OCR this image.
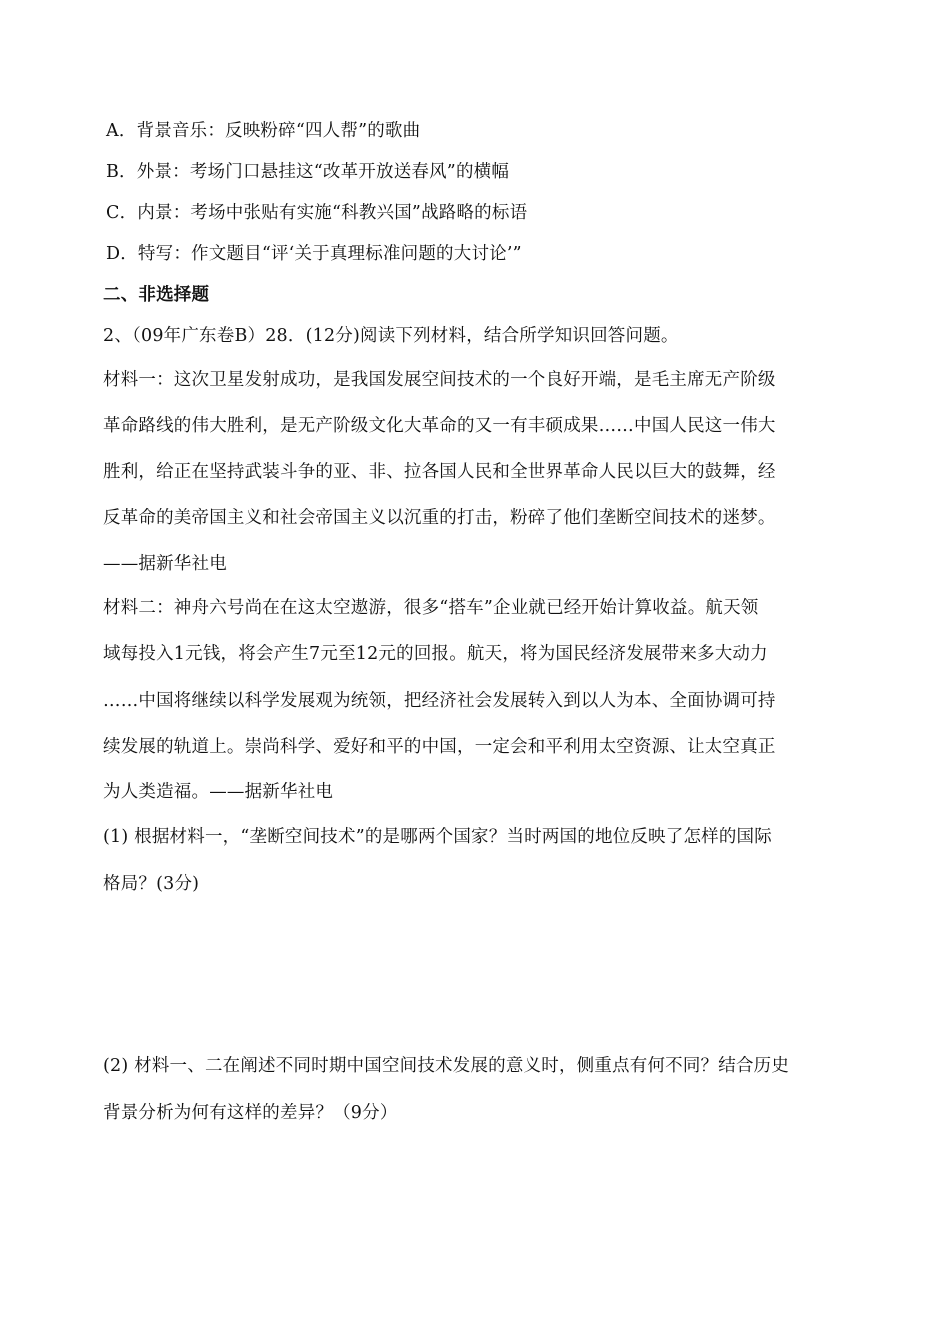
A．背景音乐：反映粉碎“四人帮”的歌曲
B．外景：考场门口悬挂这“改革开放送春风”的横幅
C．内景：考场中张贴有实施“科教兴国”战路略的标语
D．特写：作文题目“评‘关于真理标准问题的大讨论’”
二、非选择题
2、（09年广东卷B）28．(12分)阅读下列材料，结合所学知识回答问题。
材料一：这次卫星发射成功，是我国发展空间技术的一个良好开端，是毛主席无产阶级
革命路线的伟大胜利，是无产阶级文化大革命的又一有丰硕成果……中国人民这一伟大
胜利，给正在坚持武装斗争的亚、非、拉各国人民和全世界革命人民以巨大的鼓舞，经
反革命的美帝国主义和社会帝国主义以沉重的打击，粉碎了他们垄断空间技术的迷梦。
——据新华社电
材料二：神舟六号尚在在这太空遨游，很多“搭车”企业就已经开始计算收益。航天领
域每投入1元钱，将会产生7元至12元的回报。航天，将为国民经济发展带来多大动力
……中国将继续以科学发展观为统领，把经济社会发展转入到以人为本、全面协调可持
续发展的轨道上。崇尚科学、爱好和平的中国，一定会和平利用太空资源、让太空真正
为人类造福。——据新华社电
(1) 根据材料一，“垄断空间技术”的是哪两个国家？当时两国的地位反映了怎样的国际
格局？(3分)
(2) 材料一、二在阐述不同时期中国空间技术发展的意义时，侧重点有何不同？结合历史
背景分析为何有这样的差异？（9分）
